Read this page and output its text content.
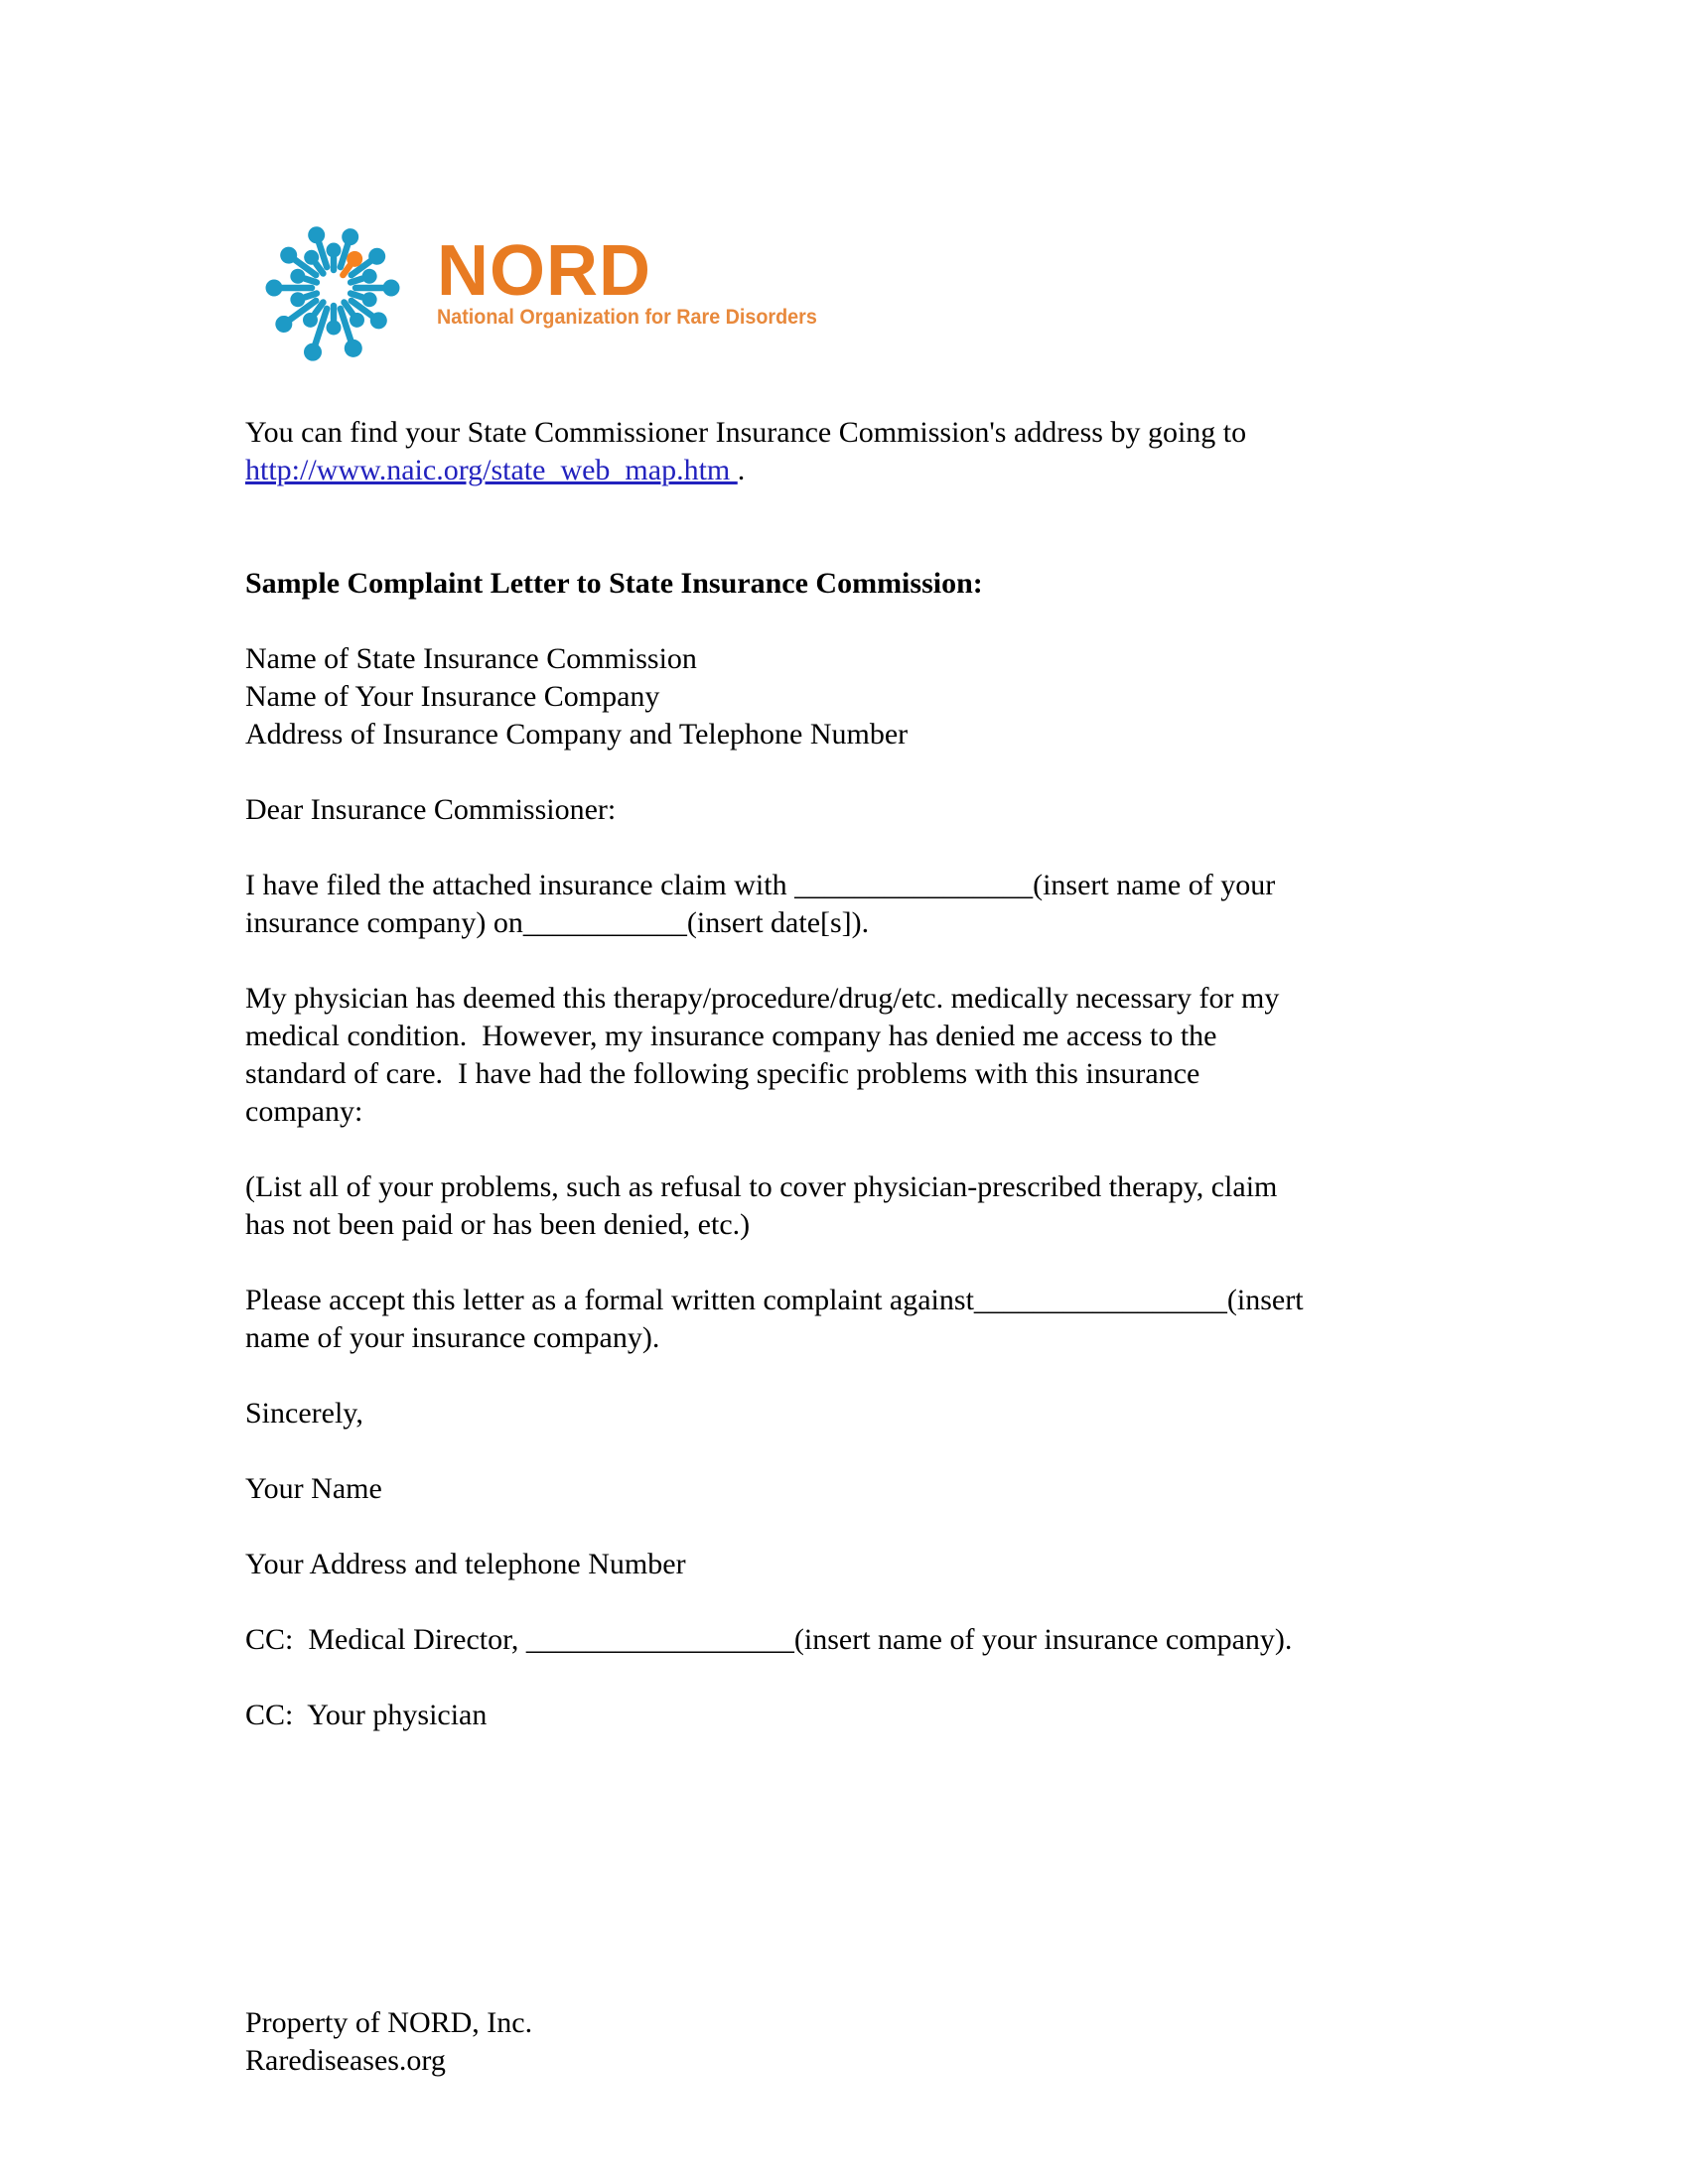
NORD
National Organization for Rare Disorders

You can find your State Commissioner Insurance Commission's address by going to
http://www.naic.org/state_web_map.htm .

Sample Complaint Letter to State Insurance Commission:

Name of State Insurance Commission
Name of Your Insurance Company
Address of Insurance Company and Telephone Number

Dear Insurance Commissioner:

I have filed the attached insurance claim with ________________(insert name of your
insurance company) on___________(insert date[s]).

My physician has deemed this therapy/procedure/drug/etc. medically necessary for my
medical condition.  However, my insurance company has denied me access to the
standard of care.  I have had the following specific problems with this insurance
company:

(List all of your problems, such as refusal to cover physician-prescribed therapy, claim
has not been paid or has been denied, etc.)

Please accept this letter as a formal written complaint against_________________(insert
name of your insurance company).

Sincerely,

Your Name

Your Address and telephone Number

CC:  Medical Director, __________________(insert name of your insurance company).

CC:  Your physician

Property of NORD, Inc.
Rarediseases.org
